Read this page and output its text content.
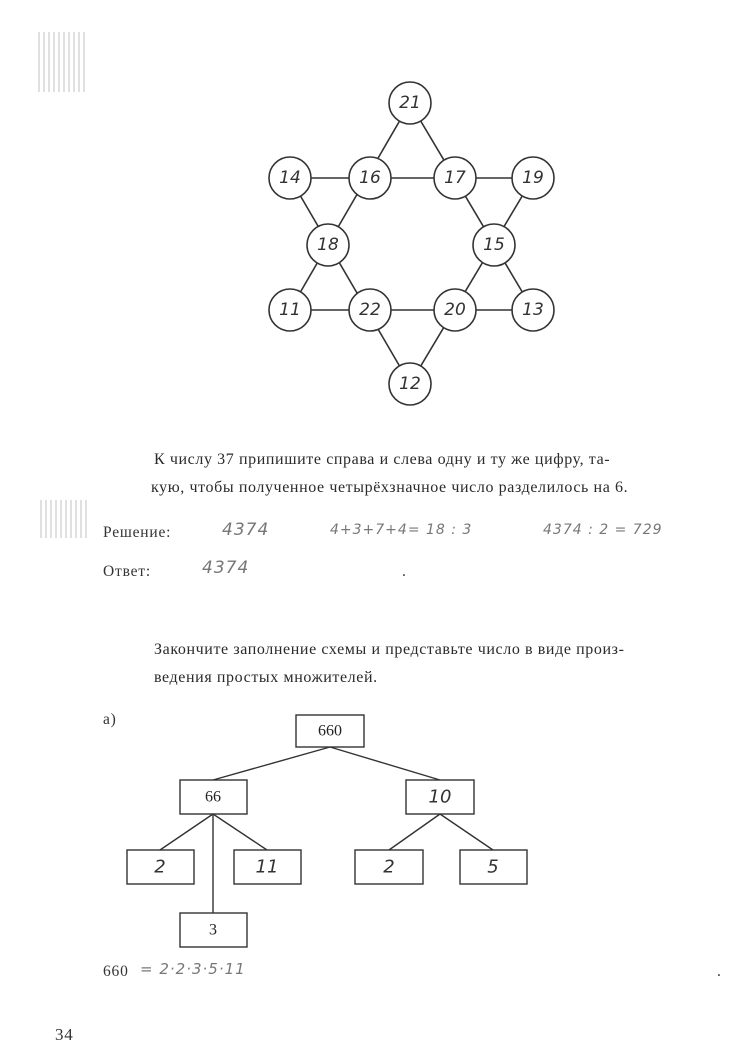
21
14	16	17	19
18	15
11	22	20	13
12
660
66
3
10
2	11	2	5
К числу 37 припишите справа и слева одну и ту же цифру, та-
кую, чтобы полученное четырёхзначное число разделилось на 6.
Решение:	4374	4+3+7+4= 18 : 3	4374 : 2 = 729
Ответ:	4374	.
Закончите заполнение схемы и представьте число в виде произ-
ведения простых множителей.
а)
660 = 2·2·3·5·11	.
34
